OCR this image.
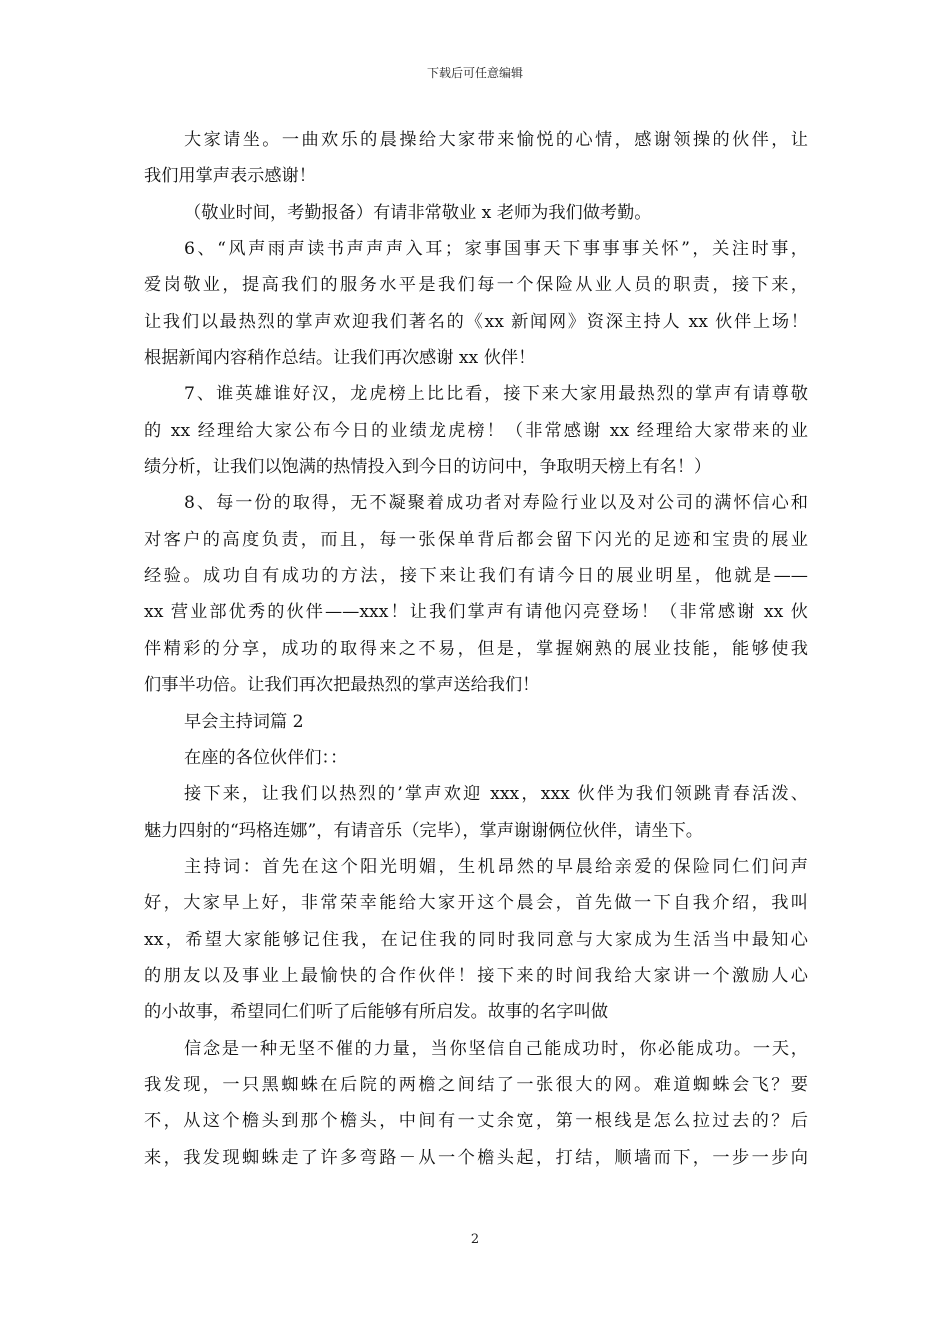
下载后可任意编辑
大家请坐。一曲欢乐的晨操给大家带来愉悦的心情，感谢领操的伙伴，让
我们用掌声表示感谢！
（敬业时间，考勤报备）有请非常敬业 x 老师为我们做考勤。
6、“风声雨声读书声声声入耳；家事国事天下事事事关怀”，关注时事，
爱岗敬业，提高我们的服务水平是我们每一个保险从业人员的职责，接下来，
让我们以最热烈的掌声欢迎我们著名的《xx 新闻网》资深主持人 xx 伙伴上场！
根据新闻内容稍作总结。让我们再次感谢 xx 伙伴！
7、谁英雄谁好汉，龙虎榜上比比看，接下来大家用最热烈的掌声有请尊敬
的 xx 经理给大家公布今日的业绩龙虎榜！（非常感谢 xx 经理给大家带来的业
绩分析，让我们以饱满的热情投入到今日的访问中，争取明天榜上有名！）
8、每一份的取得，无不凝聚着成功者对寿险行业以及对公司的满怀信心和
对客户的高度负责，而且，每一张保单背后都会留下闪光的足迹和宝贵的展业
经验。成功自有成功的方法，接下来让我们有请今日的展业明星，他就是——
xx 营业部优秀的伙伴——xxx！让我们掌声有请他闪亮登场！（非常感谢 xx 伙
伴精彩的分享，成功的取得来之不易，但是，掌握娴熟的展业技能，能够使我
们事半功倍。让我们再次把最热烈的掌声送给我们！
早会主持词篇 2
在座的各位伙伴们：：
接下来，让我们以热烈的’掌声欢迎 xxx，xxx 伙伴为我们领跳青春活泼、
魅力四射的“玛格连娜”，有请音乐（完毕），掌声谢谢俩位伙伴，请坐下。
主持词：首先在这个阳光明媚，生机昂然的早晨给亲爱的保险同仁们问声
好，大家早上好，非常荣幸能给大家开这个晨会，首先做一下自我介绍，我叫
xx，希望大家能够记住我，在记住我的同时我同意与大家成为生活当中最知心
的朋友以及事业上最愉快的合作伙伴！接下来的时间我给大家讲一个激励人心
的小故事，希望同仁们听了后能够有所启发。故事的名字叫做
信念是一种无坚不催的力量，当你坚信自己能成功时，你必能成功。一天，
我发现，一只黑蜘蛛在后院的两檐之间结了一张很大的网。难道蜘蛛会飞？要
不，从这个檐头到那个檐头，中间有一丈余宽，第一根线是怎么拉过去的？后
来，我发现蜘蛛走了许多弯路－从一个檐头起，打结，顺墙而下，一步一步向
2
